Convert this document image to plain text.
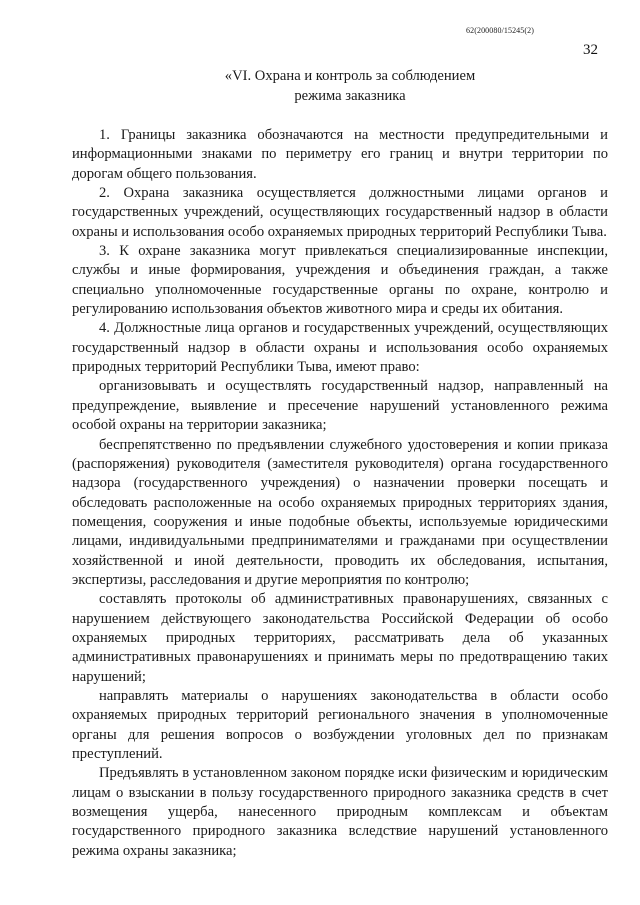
62(200080/15245(2)
32
«VI. Охрана и контроль за соблюдением
режима заказника

1. Границы заказника обозначаются на местности предупредительными и информационными знаками по периметру его границ и внутри территории по дорогам общего пользования.

2. Охрана заказника осуществляется должностными лицами органов и государственных учреждений, осуществляющих государственный надзор в области охраны и использования особо охраняемых природных территорий Республики Тыва.

3. К охране заказника могут привлекаться специализированные инспекции, службы и иные формирования, учреждения и объединения граждан, а также специально уполномоченные государственные органы по охране, контролю и регулированию использования объектов животного мира и среды их обитания.

4. Должностные лица органов и государственных учреждений, осуществляющих государственный надзор в области охраны и использования особо охраняемых природных территорий Республики Тыва, имеют право:

организовывать и осуществлять государственный надзор, направленный на предупреждение, выявление и пресечение нарушений установленного режима особой охраны на территории заказника;

беспрепятственно по предъявлении служебного удостоверения и копии приказа (распоряжения) руководителя (заместителя руководителя) органа государственного надзора (государственного учреждения) о назначении проверки посещать и обследовать расположенные на особо охраняемых природных территориях здания, помещения, сооружения и иные подобные объекты, используемые юридическими лицами, индивидуальными предпринимателями и гражданами при осуществлении хозяйственной и иной деятельности, проводить их обследования, испытания, экспертизы, расследования и другие мероприятия по контролю;

составлять протоколы об административных правонарушениях, связанных с нарушением действующего законодательства Российской Федерации об особо охраняемых природных территориях, рассматривать дела об указанных административных правонарушениях и принимать меры по предотвращению таких нарушений;

направлять материалы о нарушениях законодательства в области особо охраняемых природных территорий регионального значения в уполномоченные органы для решения вопросов о возбуждении уголовных дел по признакам преступлений.

Предъявлять в установленном законом порядке иски физическим и юридическим лицам о взыскании в пользу государственного природного заказника средств в счет возмещения ущерба, нанесенного природным комплексам и объектам государственного природного заказника вследствие нарушений установленного режима охраны заказника;
